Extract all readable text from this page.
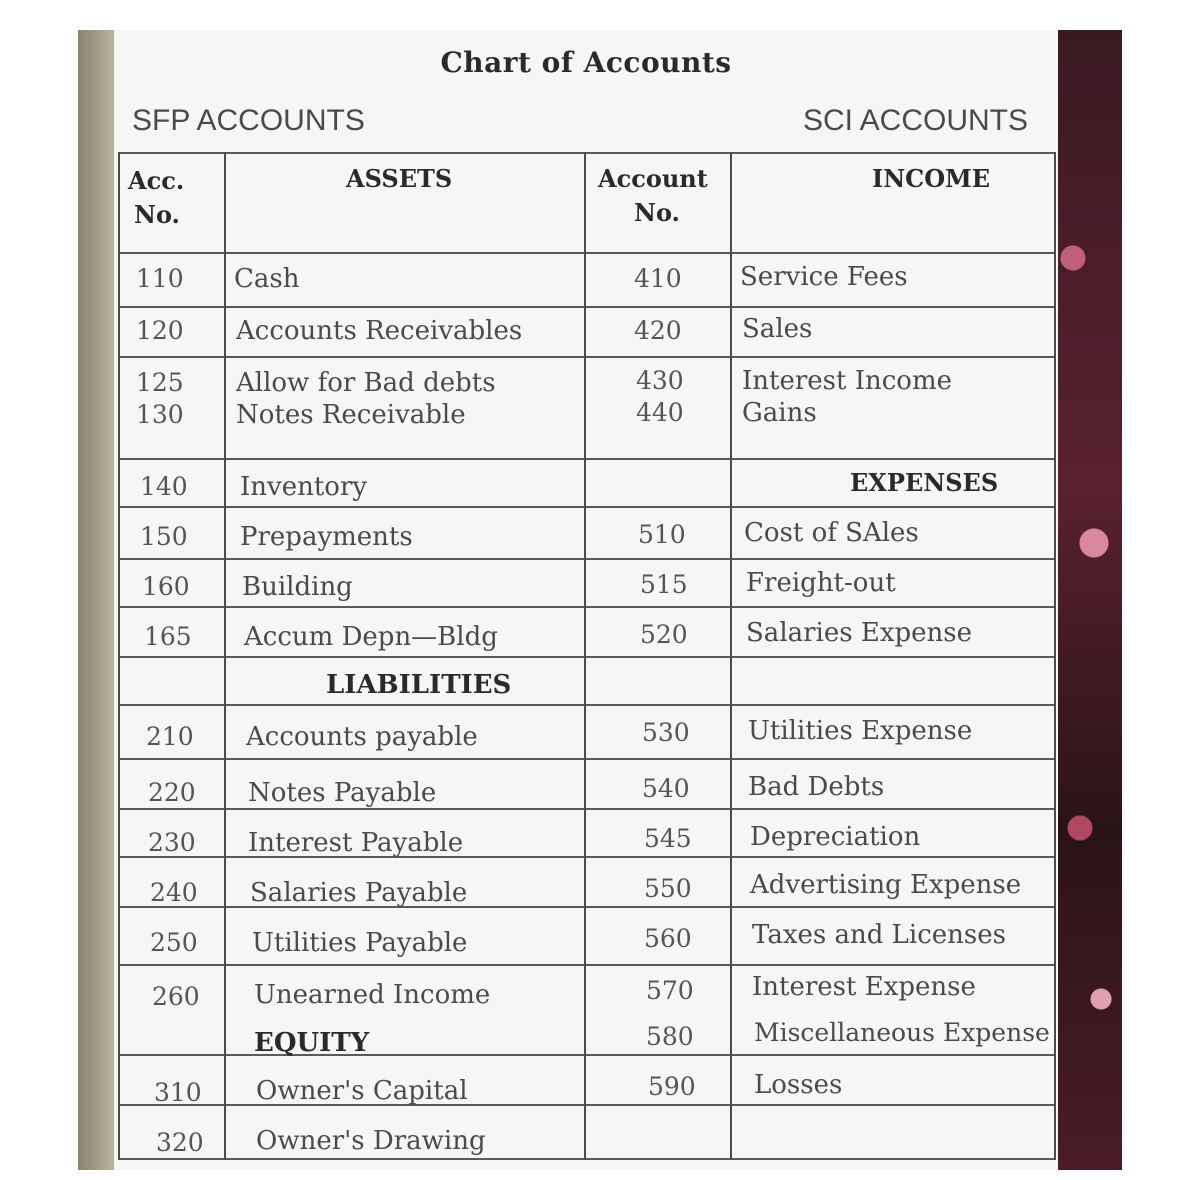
Chart of Accounts
SFP ACCOUNTS	SCI ACCOUNTS
Acc.
No.
ASSETS	Account
No.
INCOME
110 Cash
120 Accounts Receivables
125 Allow for Bad debts
130 Notes Receivable
140 Inventory
150 Prepayments
160 Building
165 Accum Depn—Bldg
LIABILITIES
210 Accounts payable
220 Notes Payable
230 Interest Payable
240 Salaries Payable
250 Utilities Payable
260 Unearned Income
EQUITY
310 Owner's Capital
320 Owner's Drawing
410 Service Fees
420 Sales
430 Interest Income
440 Gains
EXPENSES
510 Cost of SAles
515 Freight-out
520 Salaries Expense
530 Utilities Expense
540 Bad Debts
545 Depreciation
550 Advertising Expense
560 Taxes and Licenses
570 Interest Expense
580 Miscellaneous Expense
590 Losses
